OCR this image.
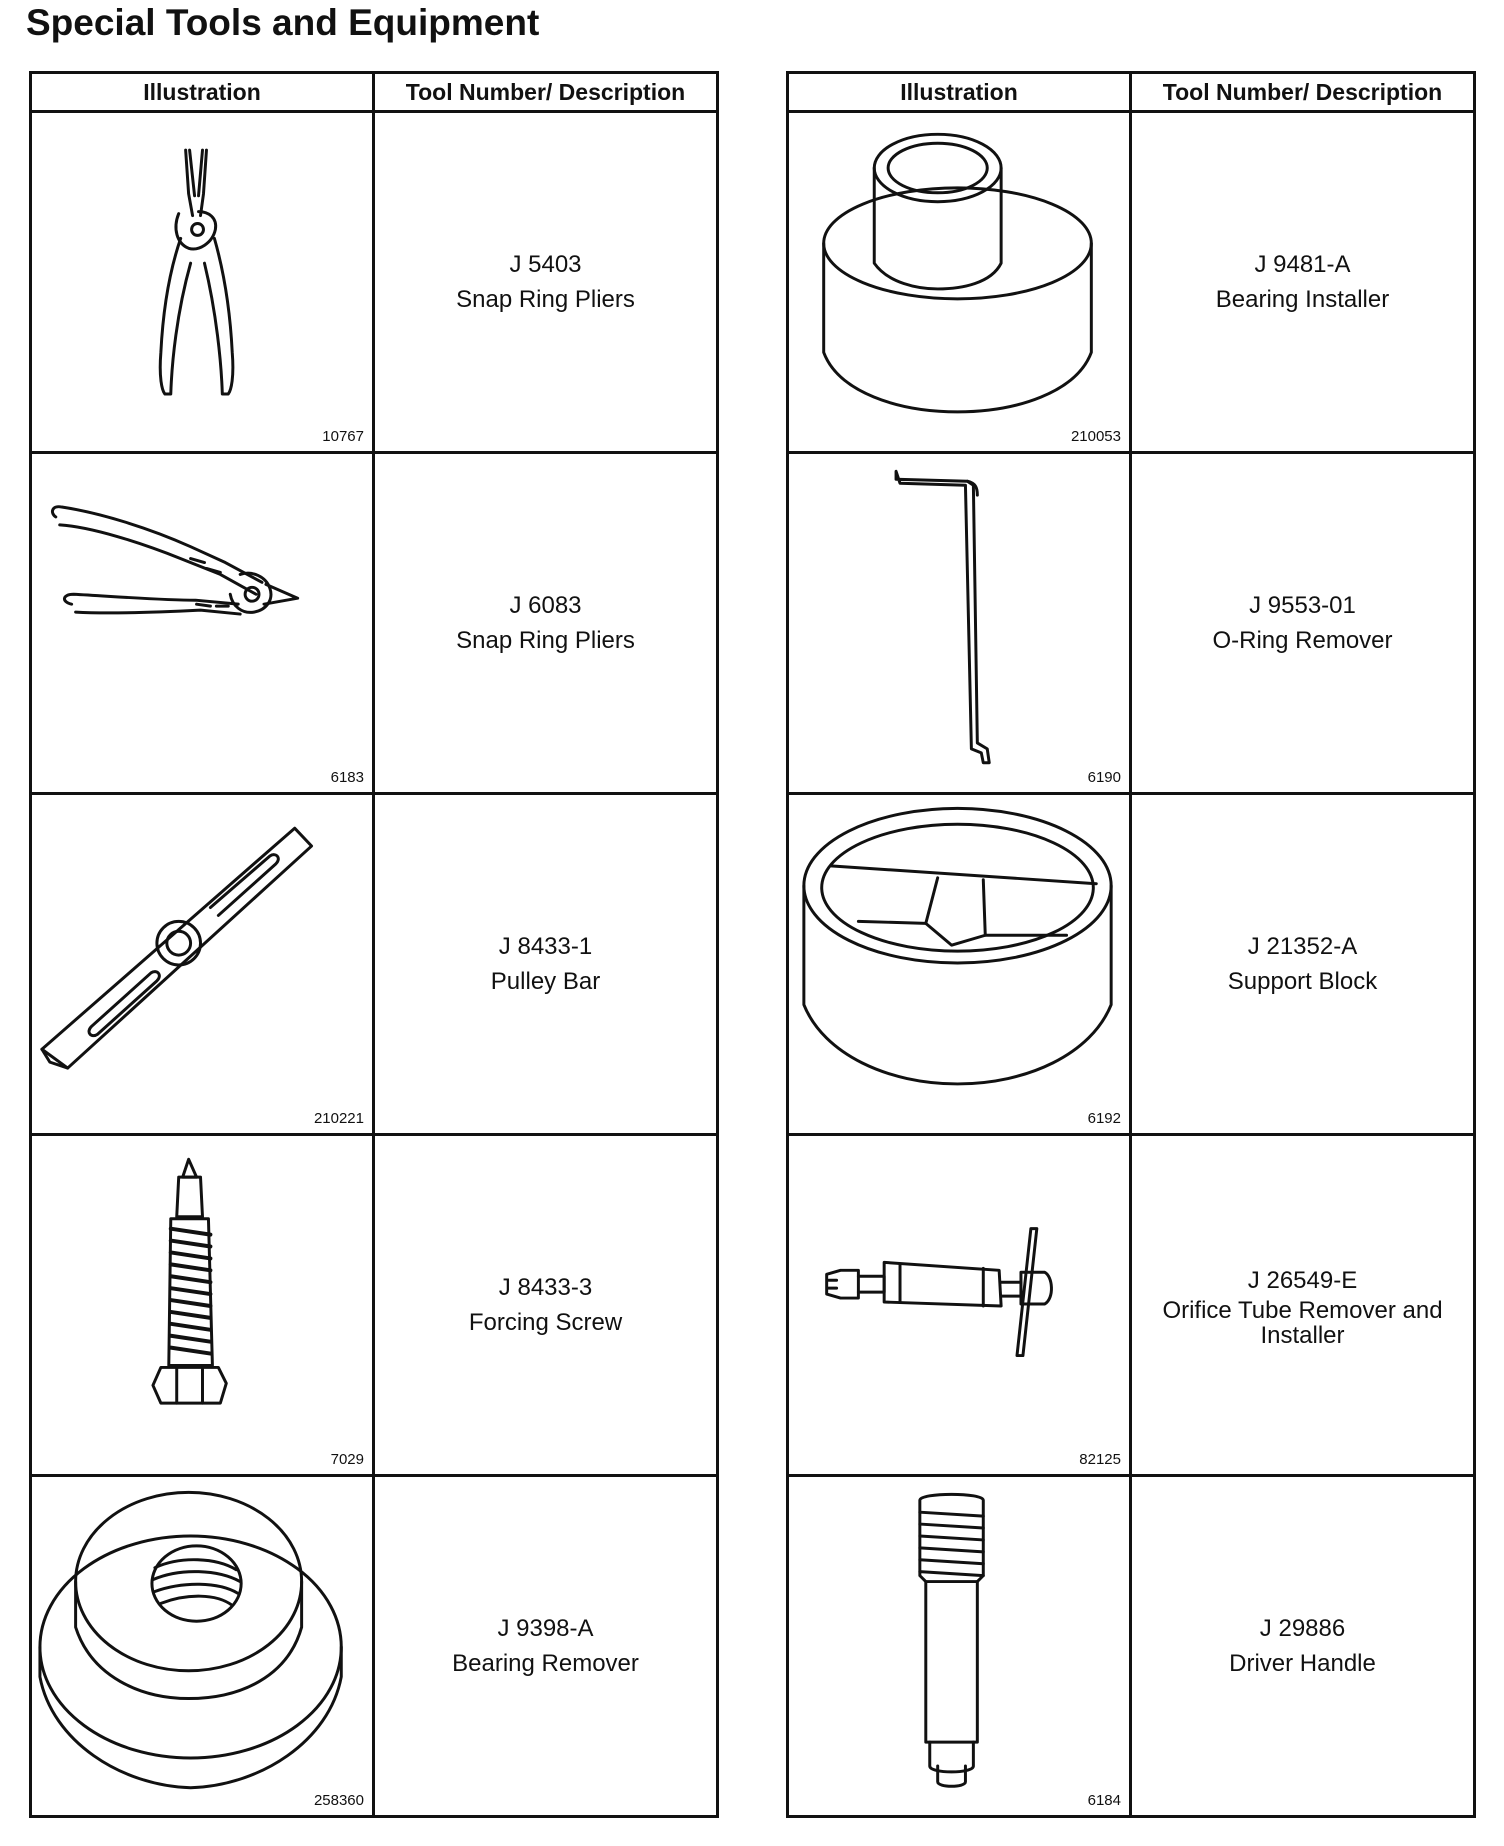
Special Tools and Equipment
Illustration	Tool Number/ Description

10767	J 5403
Snap Ring Pliers

6183	J 6083
Snap Ring Pliers

210221	J 8433-1
Pulley Bar

7029	J 8433-3
Forcing Screw

258360	J 9398-A
Bearing Remover
Illustration	Tool Number/ Description

210053	J 9481-A
Bearing Installer

6190	J 9553-01
O-Ring Remover

6192	J 21352-A
Support Block

82125	J 26549-E
Orifice Tube Remover and Installer

6184	J 29886
Driver Handle
